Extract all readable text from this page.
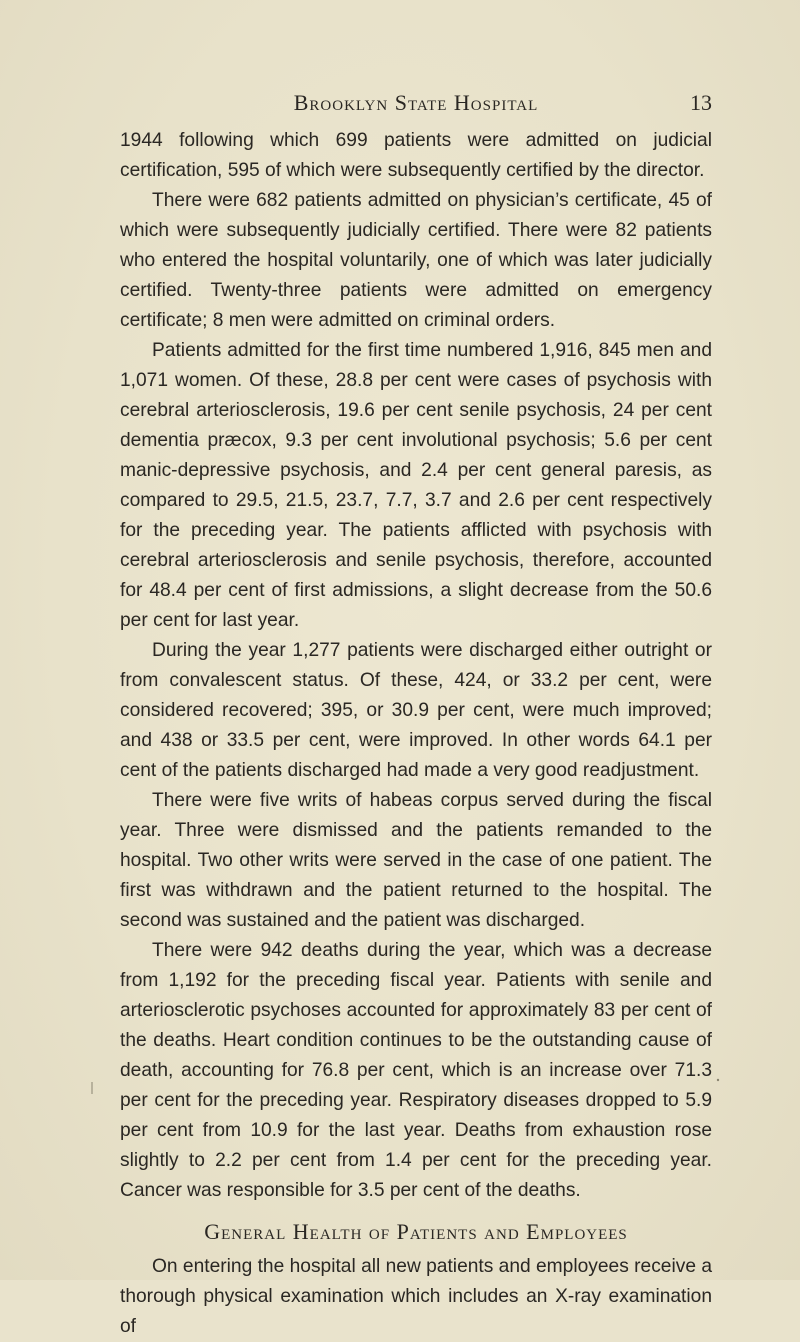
Brooklyn State Hospital	13

1944 following which 699 patients were admitted on judicial certification, 595 of which were subsequently certified by the director.

There were 682 patients admitted on physician’s certificate, 45 of which were subsequently judicially certified. There were 82 patients who entered the hospital voluntarily, one of which was later judicially certified. Twenty-three patients were admitted on emergency certificate; 8 men were admitted on criminal orders.

Patients admitted for the first time numbered 1,916, 845 men and 1,071 women. Of these, 28.8 per cent were cases of psychosis with cerebral arteriosclerosis, 19.6 per cent senile psychosis, 24 per cent dementia præcox, 9.3 per cent involutional psychosis; 5.6 per cent manic-depressive psychosis, and 2.4 per cent general paresis, as compared to 29.5, 21.5, 23.7, 7.7, 3.7 and 2.6 per cent respectively for the preceding year. The patients afflicted with psychosis with cerebral arteriosclerosis and senile psychosis, therefore, accounted for 48.4 per cent of first admissions, a slight decrease from the 50.6 per cent for last year.

During the year 1,277 patients were discharged either outright or from convalescent status. Of these, 424, or 33.2 per cent, were considered recovered; 395, or 30.9 per cent, were much improved; and 438 or 33.5 per cent, were improved. In other words 64.1 per cent of the patients discharged had made a very good readjustment.

There were five writs of habeas corpus served during the fiscal year. Three were dismissed and the patients remanded to the hospital. Two other writs were served in the case of one patient. The first was withdrawn and the patient returned to the hospital. The second was sustained and the patient was discharged.

There were 942 deaths during the year, which was a decrease from 1,192 for the preceding fiscal year. Patients with senile and arteriosclerotic psychoses accounted for approximately 83 per cent of the deaths. Heart condition continues to be the outstanding cause of death, accounting for 76.8 per cent, which is an increase over 71.3 per cent for the preceding year. Respiratory diseases dropped to 5.9 per cent from 10.9 for the last year. Deaths from exhaustion rose slightly to 2.2 per cent from 1.4 per cent for the preceding year. Cancer was responsible for 3.5 per cent of the deaths.

General Health of Patients and Employees

On entering the hospital all new patients and employees receive a thorough physical examination which includes an X-ray examination of
